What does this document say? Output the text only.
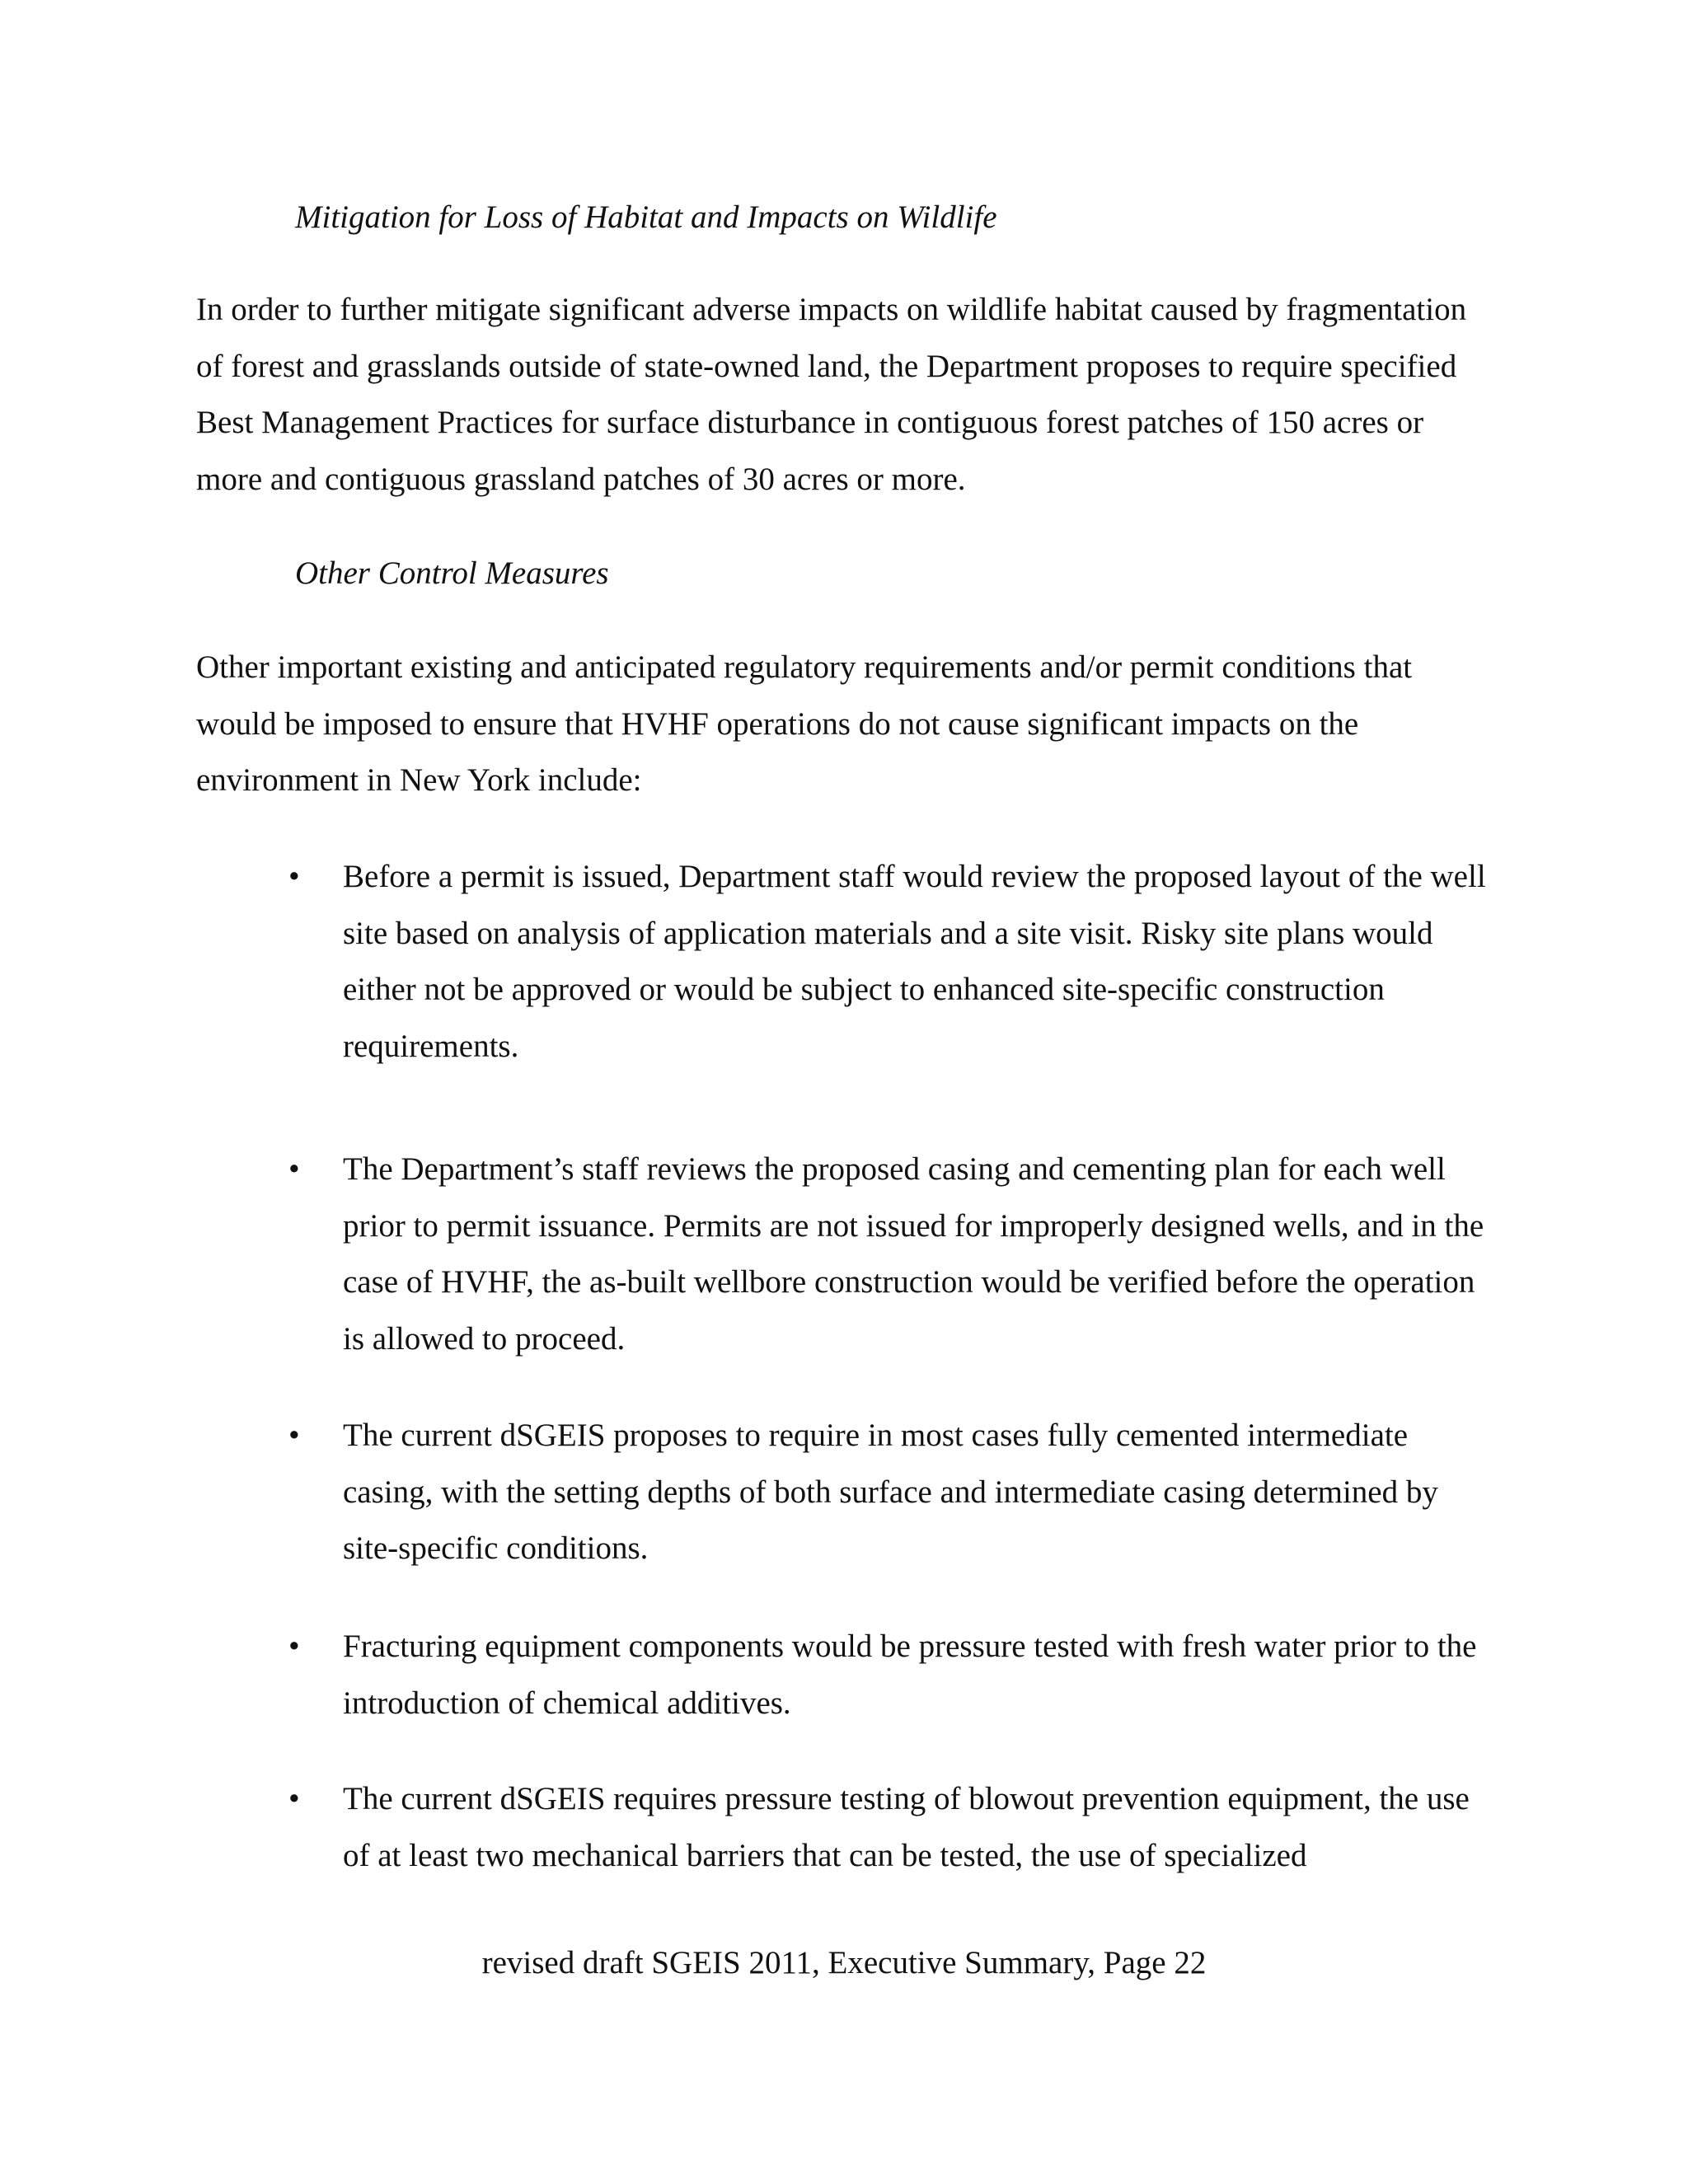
Mitigation for Loss of Habitat and Impacts on Wildlife

In order to further mitigate significant adverse impacts on wildlife habitat caused by fragmentation of forest and grasslands outside of state-owned land, the Department proposes to require specified Best Management Practices for surface disturbance in contiguous forest patches of 150 acres or more and contiguous grassland patches of 30 acres or more.

Other Control Measures

Other important existing and anticipated regulatory requirements and/or permit conditions that would be imposed to ensure that HVHF operations do not cause significant impacts on the environment in New York include:

• Before a permit is issued, Department staff would review the proposed layout of the well site based on analysis of application materials and a site visit. Risky site plans would either not be approved or would be subject to enhanced site-specific construction requirements.

• The Department’s staff reviews the proposed casing and cementing plan for each well prior to permit issuance. Permits are not issued for improperly designed wells, and in the case of HVHF, the as-built wellbore construction would be verified before the operation is allowed to proceed.

• The current dSGEIS proposes to require in most cases fully cemented intermediate casing, with the setting depths of both surface and intermediate casing determined by site-specific conditions.

• Fracturing equipment components would be pressure tested with fresh water prior to the introduction of chemical additives.

• The current dSGEIS requires pressure testing of blowout prevention equipment, the use of at least two mechanical barriers that can be tested, the use of specialized

revised draft SGEIS 2011, Executive Summary, Page 22
